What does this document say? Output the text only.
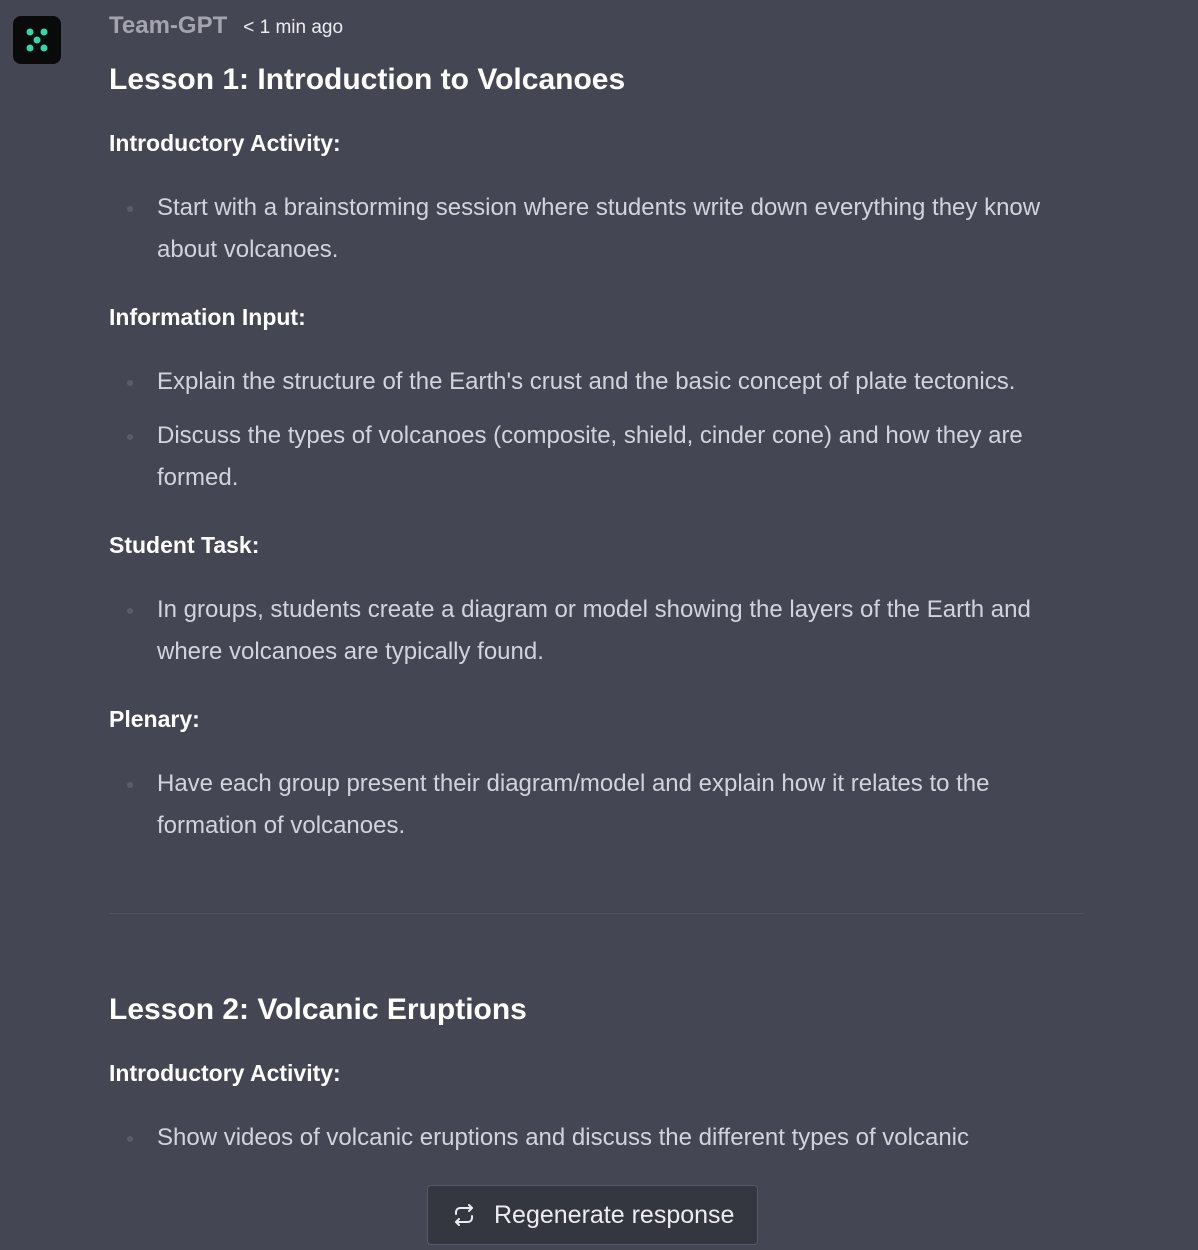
Team-GPT < 1 min ago
Lesson 1: Introduction to Volcanoes
Introductory Activity:
Start with a brainstorming session where students write down everything they know about volcanoes.
Information Input:
Explain the structure of the Earth's crust and the basic concept of plate tectonics.
Discuss the types of volcanoes (composite, shield, cinder cone) and how they are formed.
Student Task:
In groups, students create a diagram or model showing the layers of the Earth and where volcanoes are typically found.
Plenary:
Have each group present their diagram/model and explain how it relates to the formation of volcanoes.
Lesson 2: Volcanic Eruptions
Introductory Activity:
Show videos of volcanic eruptions and discuss the different types of volcanic
Regenerate response
